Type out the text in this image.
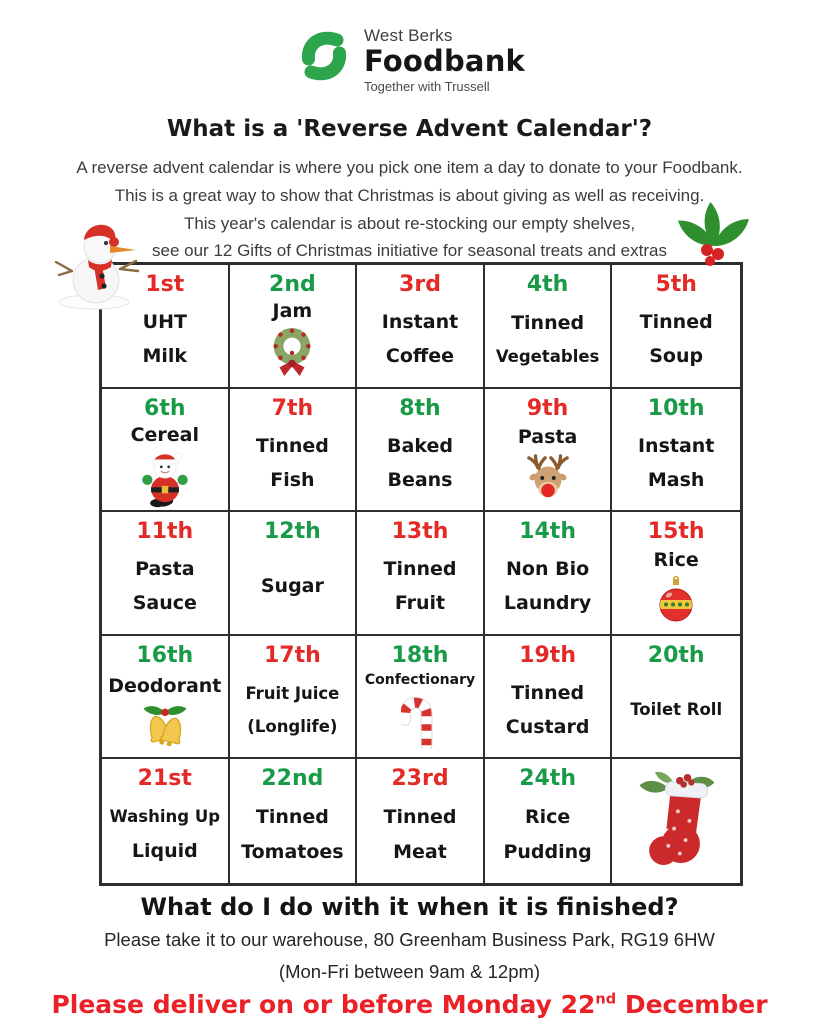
West Berks
Foodbank
Together with Trussell
What is a 'Reverse Advent Calendar'?
A reverse advent calendar is where you pick one item a day to donate to your Foodbank.
This is a great way to show that Christmas is about giving as well as receiving.
This year's calendar is about re-stocking our empty shelves,
see our 12 Gifts of Christmas initiative for seasonal treats and extras
1st
UHT
Milk
2nd
Jam
3rd
Instant
Coffee
4th
Tinned
Vegetables
5th
Tinned
Soup
6th
Cereal
7th
Tinned
Fish
8th
Baked
Beans
9th
Pasta
10th
Instant
Mash
11th
Pasta
Sauce
12th
Sugar
13th
Tinned
Fruit
14th
Non Bio
Laundry
15th
Rice
16th
Deodorant
17th
Fruit Juice
(Longlife)
18th
Confectionary
19th
Tinned
Custard
20th
Toilet Roll
21st
Washing Up
Liquid
22nd
Tinned
Tomatoes
23rd
Tinned
Meat
24th
Rice
Pudding
What do I do with it when it is finished?
Please take it to our warehouse, 80 Greenham Business Park, RG19 6HW
(Mon-Fri between 9am & 12pm)
Please deliver on or before Monday 22nd December
